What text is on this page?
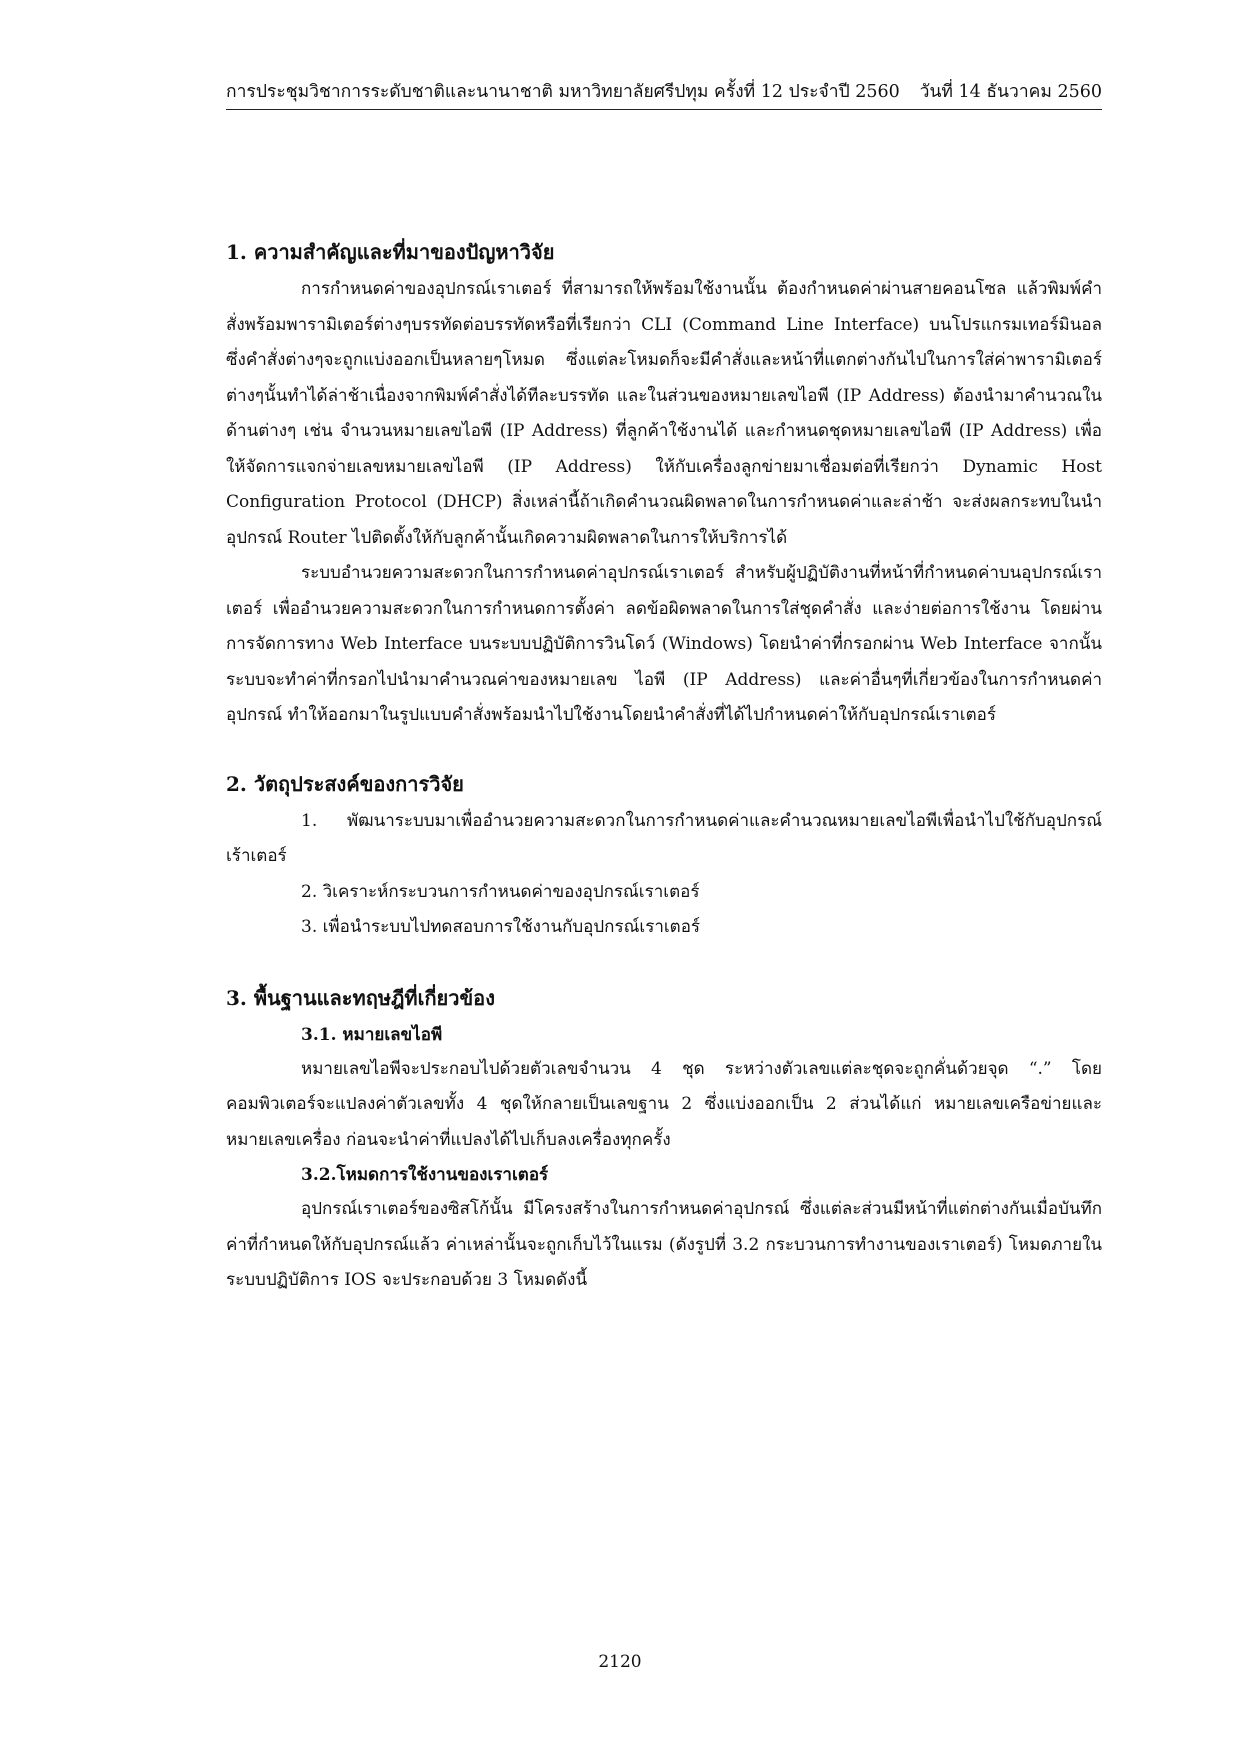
การประชุมวิชาการระดับชาติและนานาชาติ มหาวิทยาลัยศรีปทุม ครั้งที่ 12 ประจำปี 2560 วันที่ 14 ธันวาคม 2560
1. ความสำคัญและที่มาของปัญหาวิจัย

การกำหนดค่าของอุปกรณ์เราเตอร์ ที่สามารถให้พร้อมใช้งานนั้น ต้องกำหนดค่าผ่านสายคอนโซล แล้วพิมพ์คำสั่งพร้อมพารามิเตอร์ต่างๆบรรทัดต่อบรรทัดหรือที่เรียกว่า CLI (Command Line Interface) บนโปรแกรมเทอร์มินอล ซึ่งคำสั่งต่างๆจะถูกแบ่งออกเป็นหลายๆโหมด ซึ่งแต่ละโหมดก็จะมีคำสั่งและหน้าที่แตกต่างกันไปในการใส่ค่าพารามิเตอร์ต่างๆนั้นทำได้ล่าช้าเนื่องจากพิมพ์คำสั่งได้ทีละบรรทัด และในส่วนของหมายเลขไอพี (IP Address) ต้องนำมาคำนวณในด้านต่างๆ เช่น จำนวนหมายเลขไอพี (IP Address) ที่ลูกค้าใช้งานได้ และกำหนดชุดหมายเลขไอพี (IP Address) เพื่อให้จัดการแจกจ่ายเลขหมายเลขไอพี (IP Address) ให้กับเครื่องลูกข่ายมาเชื่อมต่อที่เรียกว่า Dynamic Host Configuration Protocol (DHCP) สิ่งเหล่านี้ถ้าเกิดคำนวณผิดพลาดในการกำหนดค่าและล่าช้า จะส่งผลกระทบในนำอุปกรณ์ Router ไปติดตั้งให้กับลูกค้านั้นเกิดความผิดพลาดในการให้บริการได้

ระบบอำนวยความสะดวกในการกำหนดค่าอุปกรณ์เราเตอร์ สำหรับผู้ปฏิบัติงานที่หน้าที่กำหนดค่าบนอุปกรณ์เราเตอร์ เพื่ออำนวยความสะดวกในการกำหนดการตั้งค่า ลดข้อผิดพลาดในการใส่ชุดคำสั่ง และง่ายต่อการใช้งาน โดยผ่านการจัดการทาง Web Interface บนระบบปฏิบัติการวินโดว์ (Windows) โดยนำค่าที่กรอกผ่าน Web Interface จากนั้นระบบจะทำค่าที่กรอกไปนำมาคำนวณค่าของหมายเลข ไอพี (IP Address) และค่าอื่นๆที่เกี่ยวข้องในการกำหนดค่าอุปกรณ์ ทำให้ออกมาในรูปแบบคำสั่งพร้อมนำไปใช้งานโดยนำคำสั่งที่ได้ไปกำหนดค่าให้กับอุปกรณ์เราเตอร์

2. วัตถุประสงค์ของการวิจัย

1. พัฒนาระบบมาเพื่ออำนวยความสะดวกในการกำหนดค่าและคำนวณหมายเลขไอพีเพื่อนำไปใช้กับอุปกรณ์เร้าเตอร์

2. วิเคราะห์กระบวนการกำหนดค่าของอุปกรณ์เราเตอร์

3. เพื่อนำระบบไปทดสอบการใช้งานกับอุปกรณ์เราเตอร์

3. พื้นฐานและทฤษฎีที่เกี่ยวข้อง
3.1. หมายเลขไอพี

หมายเลขไอพีจะประกอบไปด้วยตัวเลขจำนวน 4 ชุด ระหว่างตัวเลขแต่ละชุดจะถูกคั่นด้วยจุด “.” โดยคอมพิวเตอร์จะแปลงค่าตัวเลขทั้ง 4 ชุดให้กลายเป็นเลขฐาน 2 ซึ่งแบ่งออกเป็น 2 ส่วนได้แก่ หมายเลขเครือข่ายและหมายเลขเครื่อง ก่อนจะนำค่าที่แปลงได้ไปเก็บลงเครื่องทุกครั้ง

3.2.โหมดการใช้งานของเราเตอร์

อุปกรณ์เราเตอร์ของซิสโก้นั้น มีโครงสร้างในการกำหนดค่าอุปกรณ์ ซึ่งแต่ละส่วนมีหน้าที่แต่กต่างกันเมื่อบันทึกค่าที่กำหนดให้กับอุปกรณ์แล้ว ค่าเหล่านั้นจะถูกเก็บไว้ในแรม (ดังรูปที่ 3.2 กระบวนการทำงานของเราเตอร์) โหมดภายในระบบปฏิบัติการ IOS จะประกอบด้วย 3 โหมดดังนี้

2120
